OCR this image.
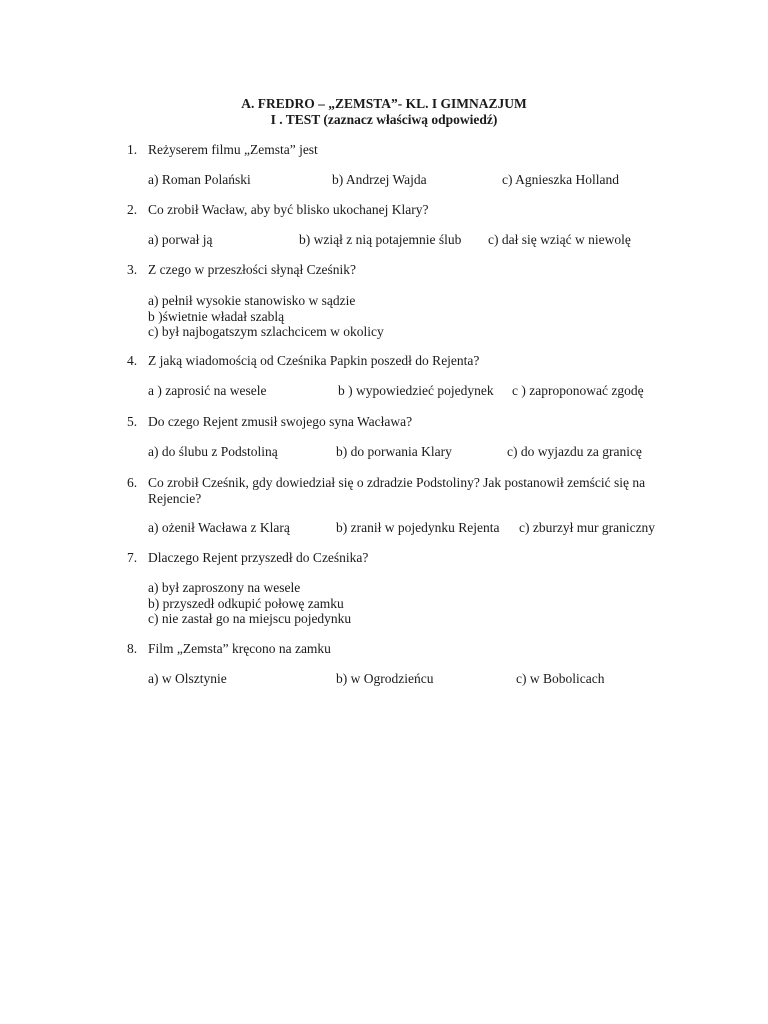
A. FREDRO – „ZEMSTA”- KL. I GIMNAZJUM
I . TEST (zaznacz właściwą odpowiedź)
1. Reżyserem filmu „Zemsta” jest
a) Roman Polański	b) Andrzej Wajda	c) Agnieszka Holland
2. Co zrobił Wacław, aby być blisko ukochanej Klary?
a) porwał ją	b) wziął z nią potajemnie ślub c) dał się wziąć w niewolę
3. Z czego w przeszłości słynął Cześnik?
a) pełnił wysokie stanowisko w sądzie
b )świetnie władał szablą
c) był najbogatszym szlachcicem w okolicy
4. Z jaką wiadomością od Cześnika Papkin poszedł do Rejenta?
a ) zaprosić na wesele	b ) wypowiedzieć pojedynek c ) zaproponować zgodę
5. Do czego Rejent zmusił swojego syna Wacława?
a) do ślubu z Podstoliną	b) do porwania Klary	c) do wyjazdu za granicę
6. Co zrobił Cześnik, gdy dowiedział się o zdradzie Podstoliny? Jak postanowił zemścić się na Rejencie?
a) ożenił Wacława z Klarą	b) zranił w pojedynku Rejenta c) zburzył mur graniczny
7. Dlaczego Rejent przyszedł do Cześnika?
a) był zaproszony na wesele
b) przyszedł odkupić połowę zamku
c) nie zastał go na miejscu pojedynku
8. Film „Zemsta” kręcono na zamku
a) w Olsztynie	b) w Ogrodzieńcu	c) w Bobolicach
